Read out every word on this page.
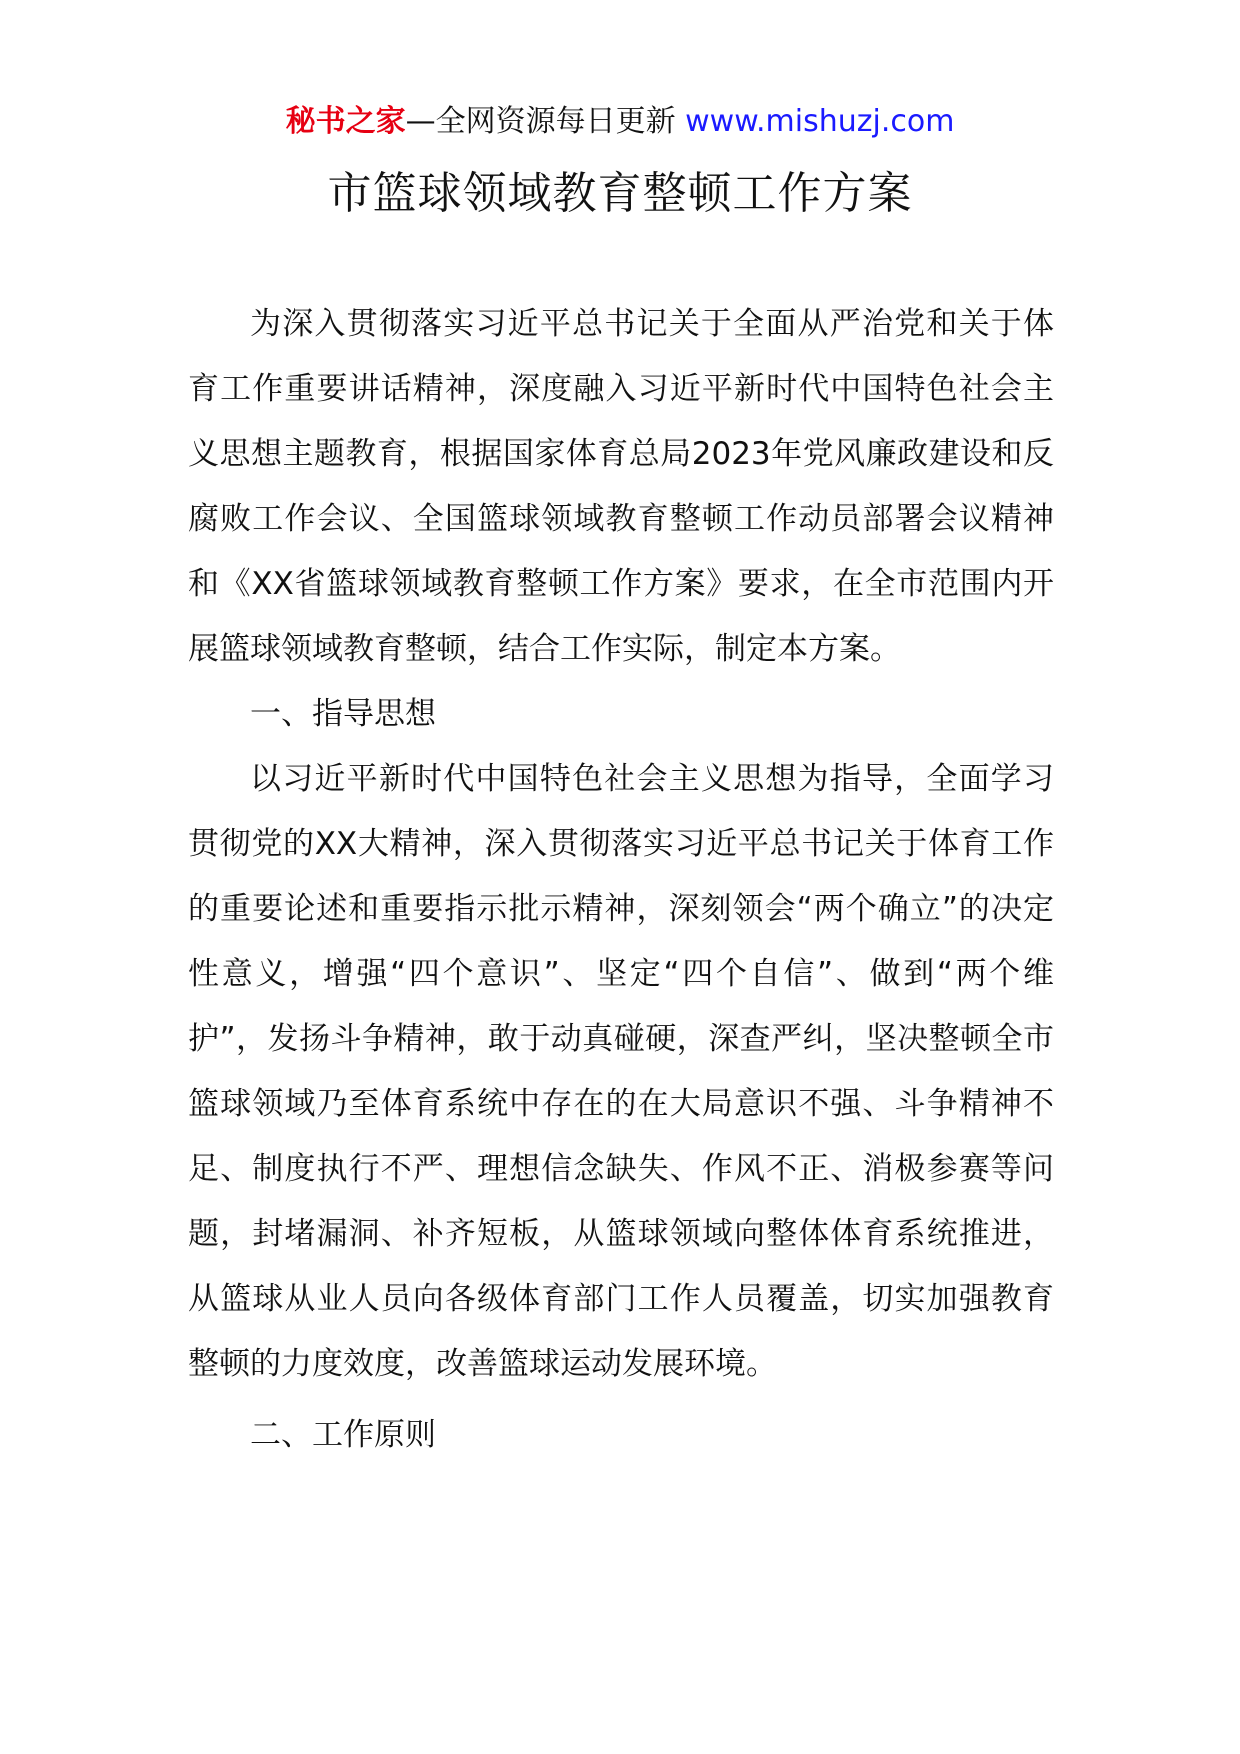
秘书之家—全网资源每日更新 www.mishuzj.com
市篮球领域教育整顿工作方案

为深入贯彻落实习近平总书记关于全面从严治党和关于体育工作重要讲话精神，深度融入习近平新时代中国特色社会主义思想主题教育，根据国家体育总局2023年党风廉政建设和反腐败工作会议、全国篮球领域教育整顿工作动员部署会议精神和《XX省篮球领域教育整顿工作方案》要求，在全市范围内开展篮球领域教育整顿，结合工作实际，制定本方案。

一、指导思想

以习近平新时代中国特色社会主义思想为指导，全面学习贯彻党的XX大精神，深入贯彻落实习近平总书记关于体育工作的重要论述和重要指示批示精神，深刻领会“两个确立”的决定性意义，增强“四个意识”、坚定“四个自信”、做到“两个维护”，发扬斗争精神，敢于动真碰硬，深查严纠，坚决整顿全市篮球领域乃至体育系统中存在的在大局意识不强、斗争精神不足、制度执行不严、理想信念缺失、作风不正、消极参赛等问题，封堵漏洞、补齐短板，从篮球领域向整体体育系统推进，从篮球从业人员向各级体育部门工作人员覆盖，切实加强教育整顿的力度效度，改善篮球运动发展环境。

二、工作原则
